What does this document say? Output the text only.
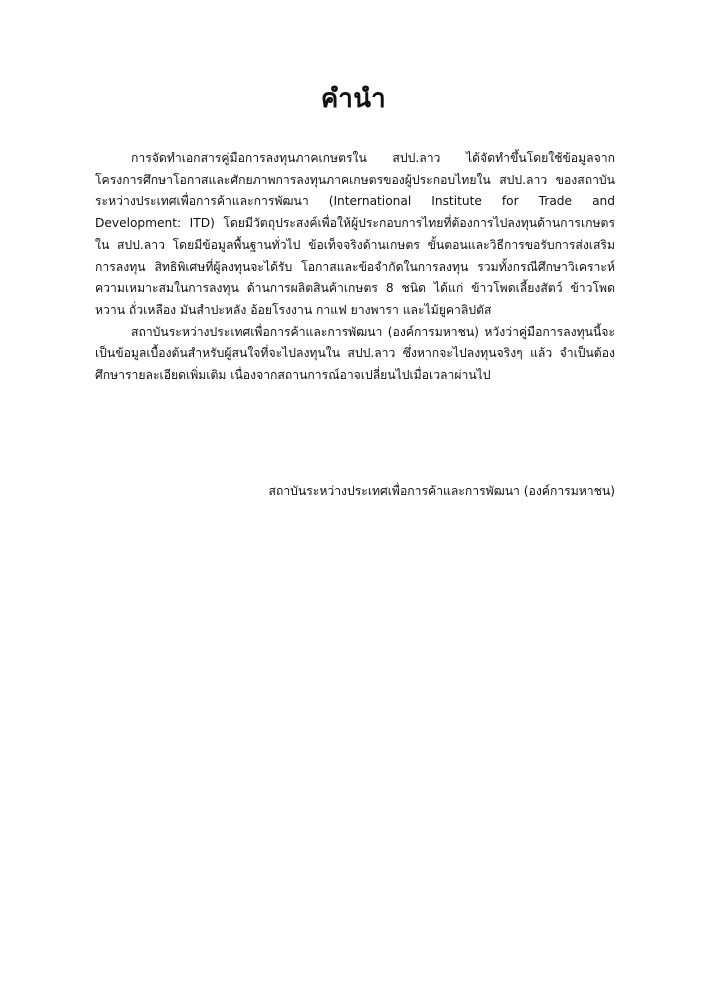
คำนำ

การจัดทำเอกสารคู่มือการลงทุนภาคเกษตรใน สปป.ลาว ได้จัดทำขึ้นโดยใช้ข้อมูลจากโครงการศึกษาโอกาสและศักยภาพการลงทุนภาคเกษตรของผู้ประกอบไทยใน สปป.ลาว ของสถาบันระหว่างประเทศเพื่อการค้าและการพัฒนา (International Institute for Trade and Development: ITD) โดยมีวัตถุประสงค์เพื่อให้ผู้ประกอบการไทยที่ต้องการไปลงทุนด้านการเกษตรใน สปป.ลาว โดยมีข้อมูลพื้นฐานทั่วไป ข้อเท็จจริงด้านเกษตร ขั้นตอนและวิธีการขอรับการส่งเสริมการลงทุน สิทธิพิเศษที่ผู้ลงทุนจะได้รับ โอกาสและข้อจำกัดในการลงทุน รวมทั้งกรณีศึกษาวิเคราะห์ความเหมาะสมในการลงทุน ด้านการผลิตสินค้าเกษตร 8 ชนิด ได้แก่ ข้าวโพดเลี้ยงสัตว์ ข้าวโพดหวาน ถั่วเหลือง มันสำปะหลัง อ้อยโรงงาน กาแฟ ยางพารา และไม้ยูคาลิปตัส

สถาบันระหว่างประเทศเพื่อการค้าและการพัฒนา (องค์การมหาชน) หวังว่าคู่มือการลงทุนนี้จะเป็นข้อมูลเบื้องต้นสำหรับผู้สนใจที่จะไปลงทุนใน สปป.ลาว ซึ่งหากจะไปลงทุนจริงๆ แล้ว จำเป็นต้องศึกษารายละเอียดเพิ่มเติม เนื่องจากสถานการณ์อาจเปลี่ยนไปเมื่อเวลาผ่านไป

สถาบันระหว่างประเทศเพื่อการค้าและการพัฒนา (องค์การมหาชน)
